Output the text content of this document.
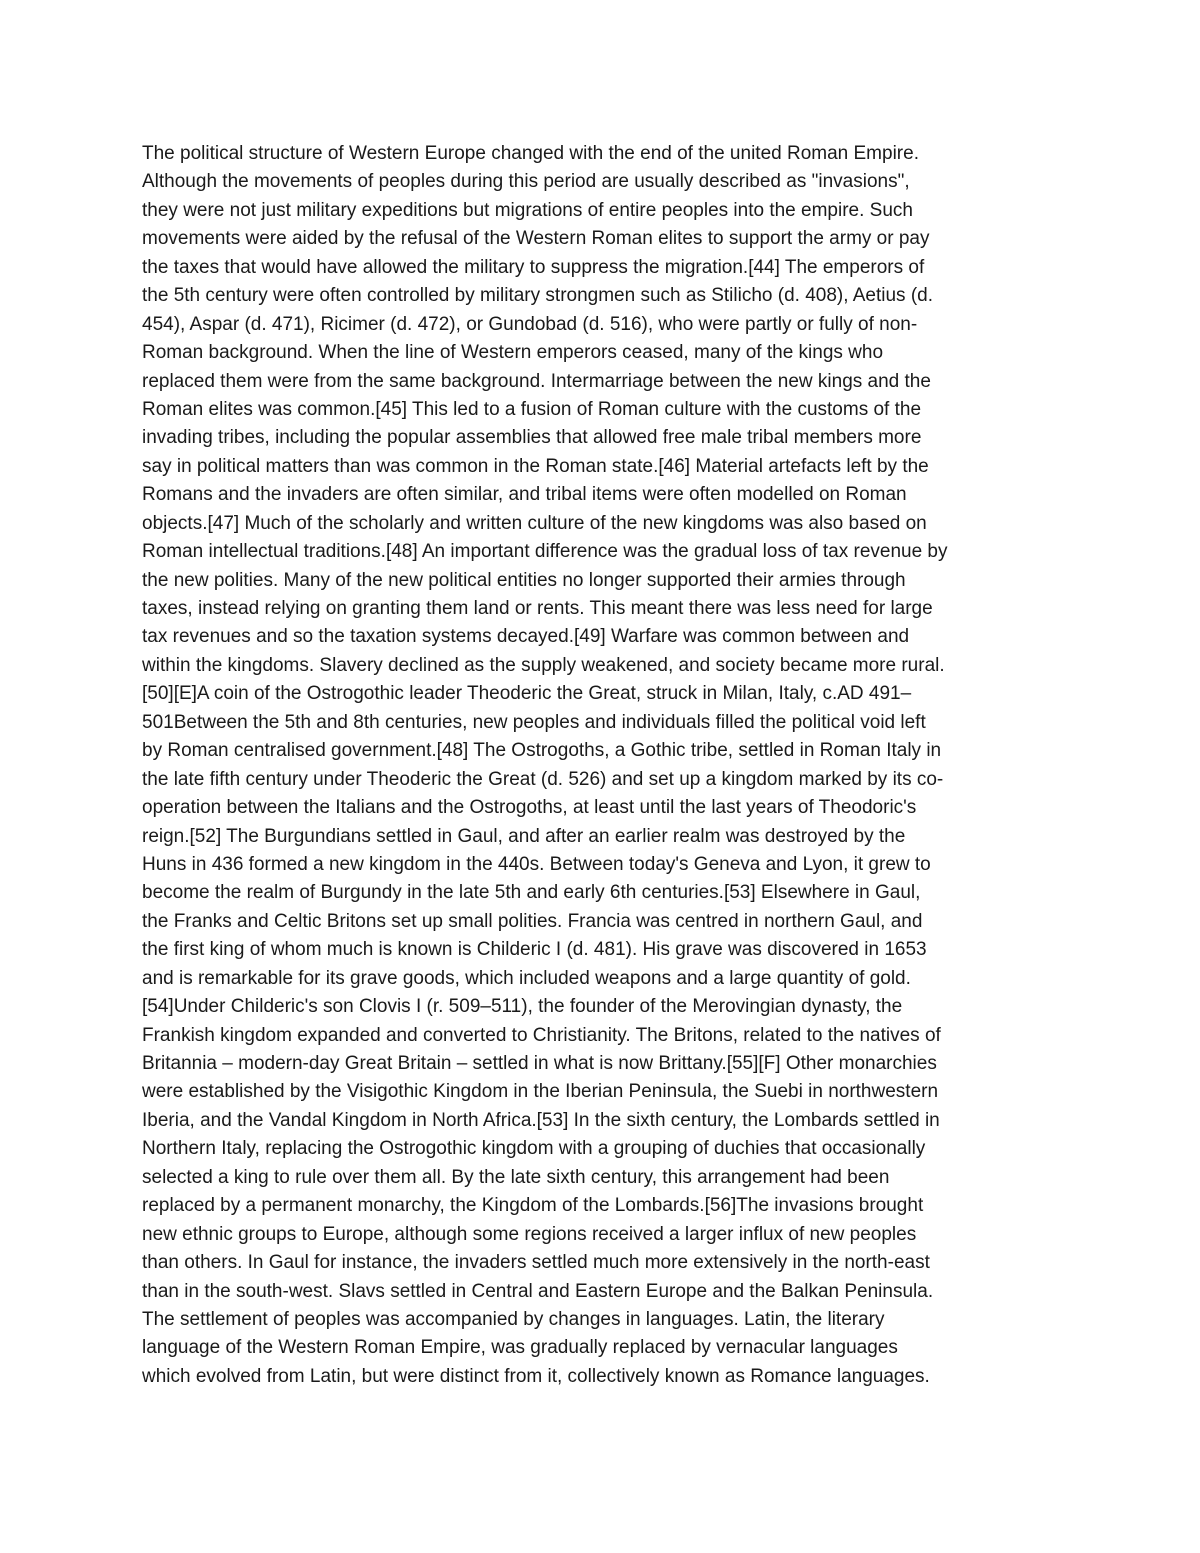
The political structure of Western Europe changed with the end of the united Roman Empire.
Although the movements of peoples during this period are usually described as "invasions",
they were not just military expeditions but migrations of entire peoples into the empire. Such
movements were aided by the refusal of the Western Roman elites to support the army or pay
the taxes that would have allowed the military to suppress the migration.[44] The emperors of
the 5th century were often controlled by military strongmen such as Stilicho (d. 408), Aetius (d.
454), Aspar (d. 471), Ricimer (d. 472), or Gundobad (d. 516), who were partly or fully of non-
Roman background. When the line of Western emperors ceased, many of the kings who
replaced them were from the same background. Intermarriage between the new kings and the
Roman elites was common.[45] This led to a fusion of Roman culture with the customs of the
invading tribes, including the popular assemblies that allowed free male tribal members more
say in political matters than was common in the Roman state.[46] Material artefacts left by the
Romans and the invaders are often similar, and tribal items were often modelled on Roman
objects.[47] Much of the scholarly and written culture of the new kingdoms was also based on
Roman intellectual traditions.[48] An important difference was the gradual loss of tax revenue by
the new polities. Many of the new political entities no longer supported their armies through
taxes, instead relying on granting them land or rents. This meant there was less need for large
tax revenues and so the taxation systems decayed.[49] Warfare was common between and
within the kingdoms. Slavery declined as the supply weakened, and society became more rural.
[50][E]A coin of the Ostrogothic leader Theoderic the Great, struck in Milan, Italy, c.AD 491–
501Between the 5th and 8th centuries, new peoples and individuals filled the political void left
by Roman centralised government.[48] The Ostrogoths, a Gothic tribe, settled in Roman Italy in
the late fifth century under Theoderic the Great (d. 526) and set up a kingdom marked by its co-
operation between the Italians and the Ostrogoths, at least until the last years of Theodoric's
reign.[52] The Burgundians settled in Gaul, and after an earlier realm was destroyed by the
Huns in 436 formed a new kingdom in the 440s. Between today's Geneva and Lyon, it grew to
become the realm of Burgundy in the late 5th and early 6th centuries.[53] Elsewhere in Gaul,
the Franks and Celtic Britons set up small polities. Francia was centred in northern Gaul, and
the first king of whom much is known is Childeric I (d. 481). His grave was discovered in 1653
and is remarkable for its grave goods, which included weapons and a large quantity of gold.
[54]Under Childeric's son Clovis I (r. 509–511), the founder of the Merovingian dynasty, the
Frankish kingdom expanded and converted to Christianity. The Britons, related to the natives of
Britannia – modern-day Great Britain – settled in what is now Brittany.[55][F] Other monarchies
were established by the Visigothic Kingdom in the Iberian Peninsula, the Suebi in northwestern
Iberia, and the Vandal Kingdom in North Africa.[53] In the sixth century, the Lombards settled in
Northern Italy, replacing the Ostrogothic kingdom with a grouping of duchies that occasionally
selected a king to rule over them all. By the late sixth century, this arrangement had been
replaced by a permanent monarchy, the Kingdom of the Lombards.[56]The invasions brought
new ethnic groups to Europe, although some regions received a larger influx of new peoples
than others. In Gaul for instance, the invaders settled much more extensively in the north-east
than in the south-west. Slavs settled in Central and Eastern Europe and the Balkan Peninsula.
The settlement of peoples was accompanied by changes in languages. Latin, the literary
language of the Western Roman Empire, was gradually replaced by vernacular languages
which evolved from Latin, but were distinct from it, collectively known as Romance languages.
